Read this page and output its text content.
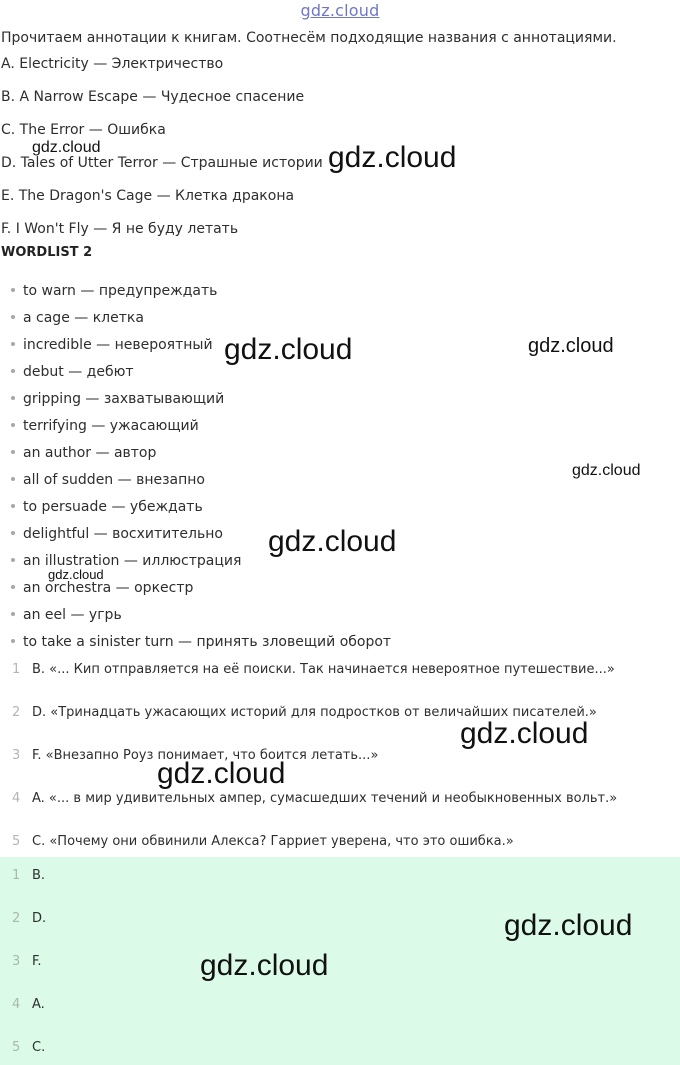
gdz.cloud
Прочитаем аннотации к книгам. Соотнесём подходящие названия с аннотациями.
A. Electricity — Электричество
B. A Narrow Escape — Чудесное спасение
C. The Error — Ошибка
D. Tales of Utter Terror — Страшные истории
E. The Dragon's Cage — Клетка дракона
F. I Won't Fly — Я не буду летать
WORDLIST 2
to warn — предупреждать
a cage — клетка
incredible — невероятный
debut — дебют
gripping — захватывающий
terrifying — ужасающий
an author — автор
all of sudden — внезапно
to persuade — убеждать
delightful — восхитительно
an illustration — иллюстрация
an orchestra — оркестр
an eel — угрь
to take a sinister turn — принять зловещий оборот
1 B. «... Кип отправляется на её поиски. Так начинается невероятное путешествие...»
2 D. «Тринадцать ужасающих историй для подростков от величайших писателей.»
3 F. «Внезапно Роуз понимает, что боится летать...»
4 A. «... в мир удивительных ампер, сумасшедших течений и необыкновенных вольт.»
5 C. «Почему они обвинили Алекса? Гарриет уверена, что это ошибка.»
1 B.
2 D.
3 F.
4 A.
5 C.
gdz.cloud	gdz.cloud
gdz.cloud	gdz.cloud
gdz.cloud
gdz.cloud
gdz.cloud
gdz.cloud
gdz.cloud
gdz.cloud
gdz.cloud
